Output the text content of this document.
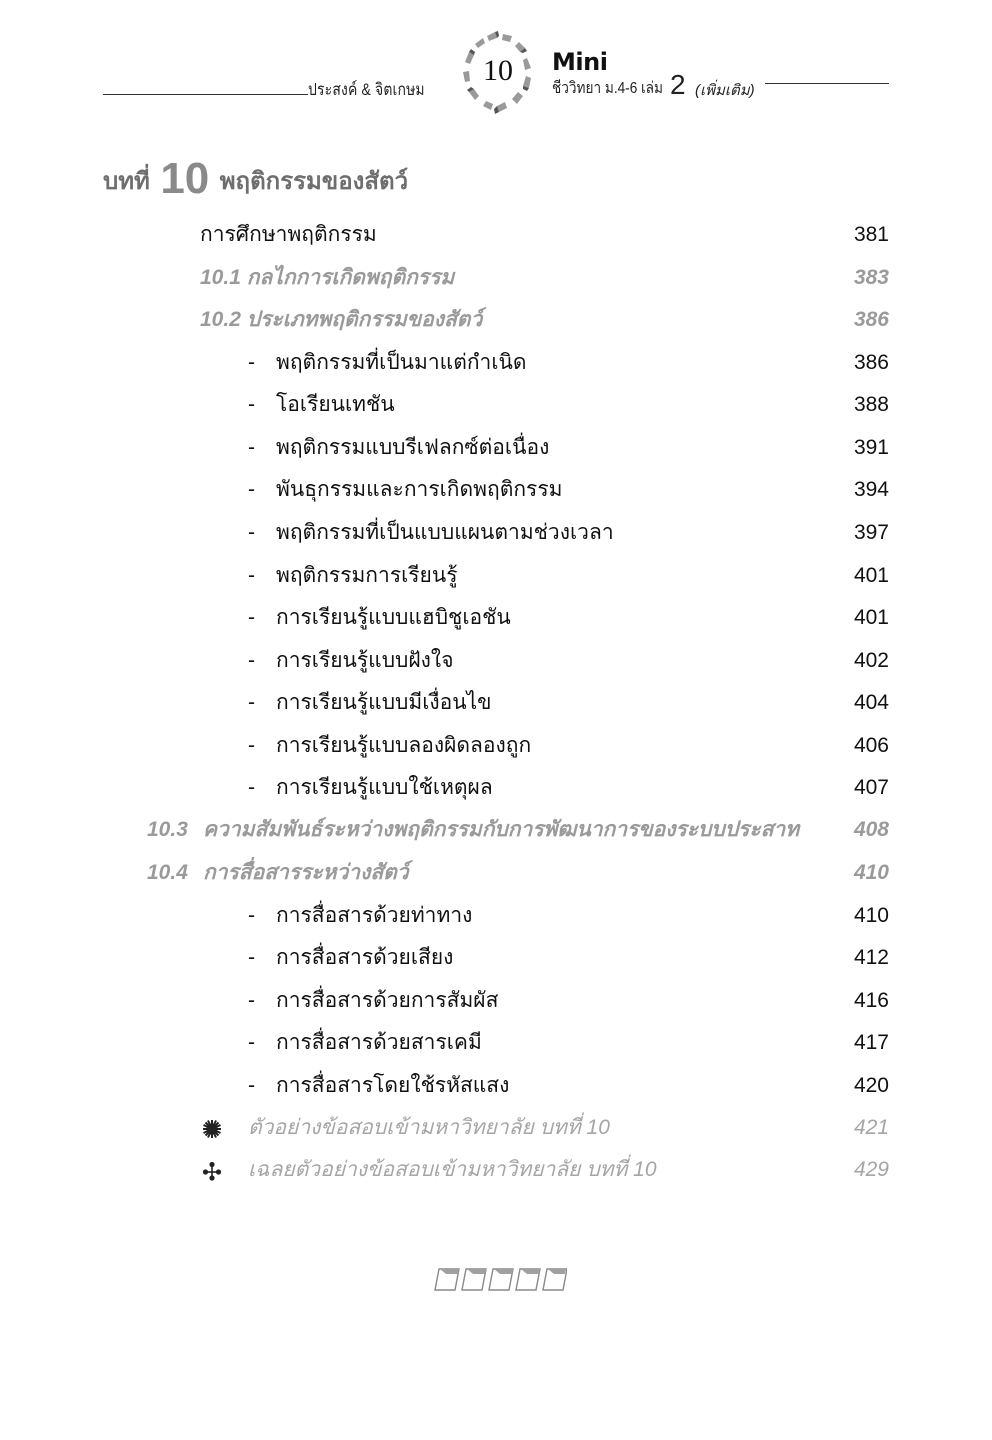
ประสงค์ & จิตเกษม
10	Mini
ชีววิทยา ม.4-6 เล่ม 2 (เพิ่มเติม)
บทที่ 10 พฤติกรรมของสัตว์
การศึกษาพฤติกรรม	381
10.1 กลไกการเกิดพฤติกรรม	383
10.2 ประเภทพฤติกรรมของสัตว์	386
- พฤติกรรมที่เป็นมาแต่กำเนิด	386
- โอเรียนเทชัน	388
- พฤติกรรมแบบรีเฟลกซ์ต่อเนื่อง	391
- พันธุกรรมและการเกิดพฤติกรรม	394
- พฤติกรรมที่เป็นแบบแผนตามช่วงเวลา	397
- พฤติกรรมการเรียนรู้	401
- การเรียนรู้แบบแฮบิชูเอชัน	401
- การเรียนรู้แบบฝังใจ	402
- การเรียนรู้แบบมีเงื่อนไข	404
- การเรียนรู้แบบลองผิดลองถูก	406
- การเรียนรู้แบบใช้เหตุผล	407
10.3 ความสัมพันธ์ระหว่างพฤติกรรมกับการพัฒนาการของระบบประสาท	408
10.4 การสื่อสารระหว่างสัตว์	410
- การสื่อสารด้วยท่าทาง	410
- การสื่อสารด้วยเสียง	412
- การสื่อสารด้วยการสัมผัส	416
- การสื่อสารด้วยสารเคมี	417
- การสื่อสารโดยใช้รหัสแสง	420
ตัวอย่างข้อสอบเข้ามหาวิทยาลัย บทที่ 10	421
เฉลยตัวอย่างข้อสอบเข้ามหาวิทยาลัย บทที่ 10	429
